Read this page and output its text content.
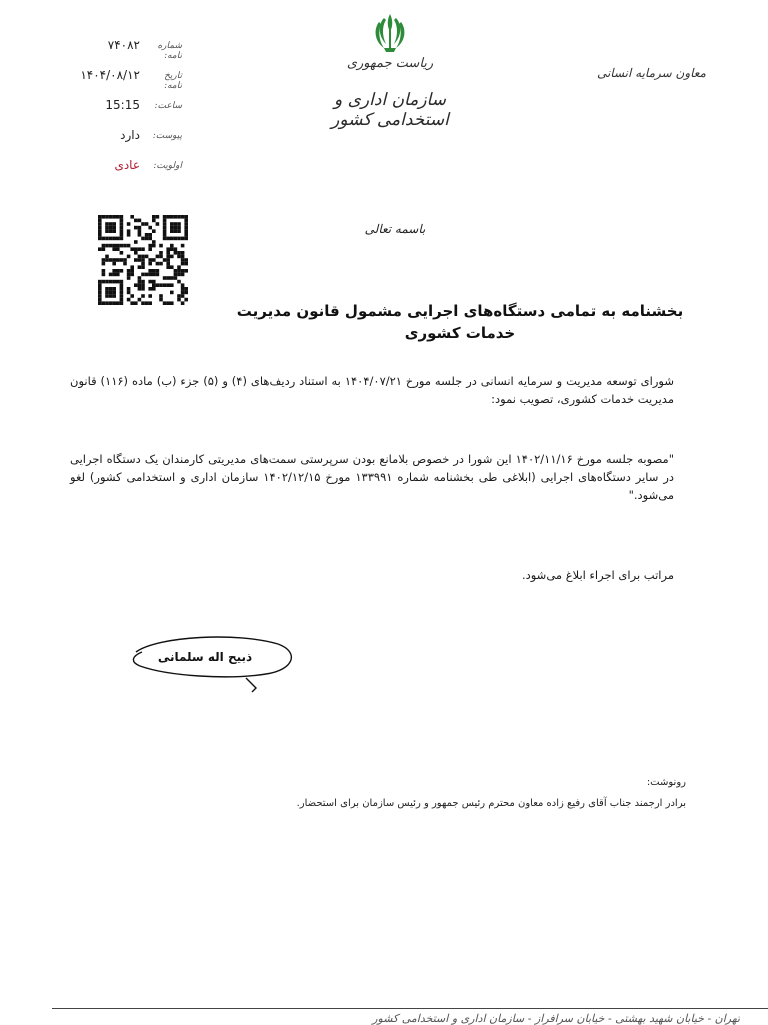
۷۴۰۸۲	شماره نامه:
۱۴۰۴/۰۸/۱۲	تاریخ نامه:
15:15	ساعت:
دارد	پیوست:
عادی	اولویت:
ریاست جمهوری
سازمان اداری و استخدامی کشور
معاون سرمایه انسانی
باسمه تعالی
بخشنامه به تمامی دستگاه‌های اجرایی مشمول قانون مدیریت خدمات کشوری
شورای توسعه مدیریت و سرمایه انسانی در جلسه مورخ ۱۴۰۴/۰۷/۲۱ به استناد ردیف‌های (۴) و (۵) جزء (ب) ماده (۱۱۶) قانون مدیریت خدمات کشوری، تصویب نمود:
"مصوبه جلسه مورخ ۱۴۰۲/۱۱/۱۶ این شورا در خصوص بلامانع بودن سرپرستی سمت‌های مدیریتی کارمندان یک دستگاه اجرایی در سایر دستگاه‌های اجرایی (ابلاغی طی بخشنامه شماره ۱۳۳۹۹۱ مورخ ۱۴۰۲/۱۲/۱۵ سازمان اداری و استخدامی کشور) لغو می‌شود."
مراتب برای اجراء ابلاغ می‌شود.
ذبیح اله سلمانی
رونوشت:
برادر ارجمند جناب آقای رفیع زاده معاون محترم رئیس جمهور و رئیس سازمان برای استحضار.
تهران - خیابان شهید بهشتی - خیابان سرافراز - سازمان اداری و استخدامی کشور
